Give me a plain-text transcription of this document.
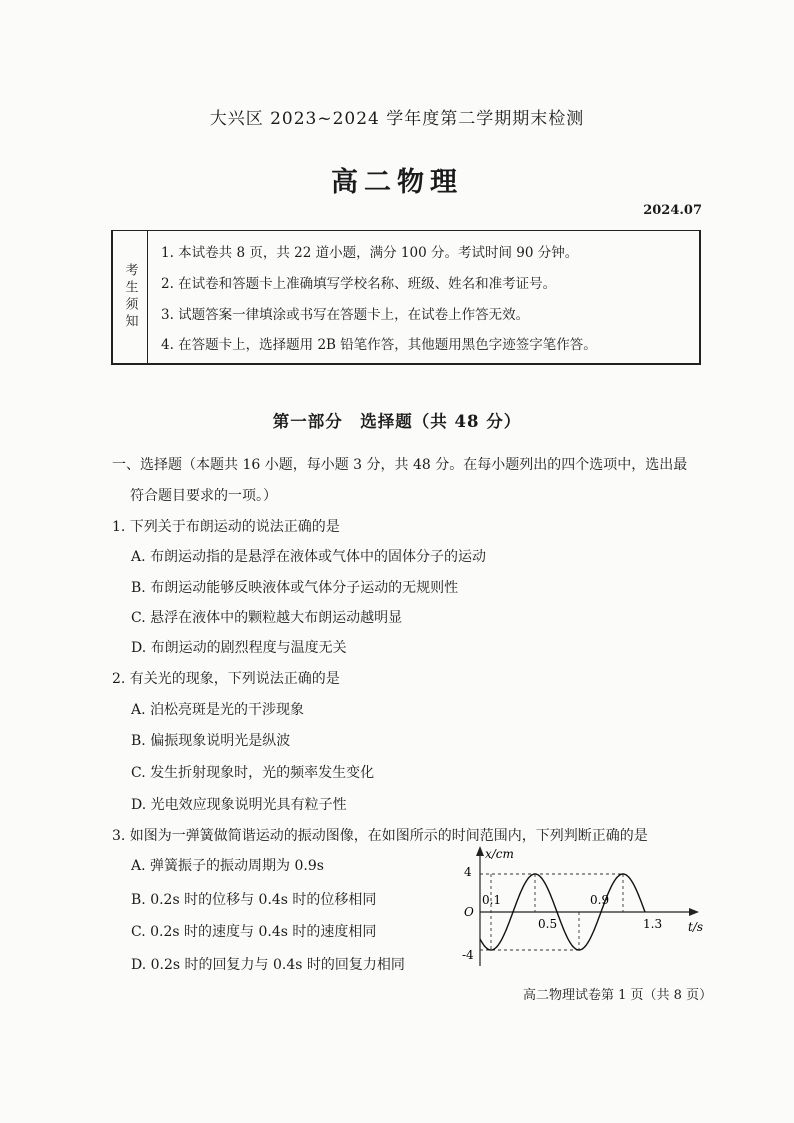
大兴区 2023~2024 学年度第二学期期末检测
高二物理
2024.07
考生须知
1. 本试卷共 8 页，共 22 道小题，满分 100 分。考试时间 90 分钟。
2. 在试卷和答题卡上准确填写学校名称、班级、姓名和准考证号。
3. 试题答案一律填涂或书写在答题卡上，在试卷上作答无效。
4. 在答题卡上，选择题用 2B 铅笔作答，其他题用黑色字迹签字笔作答。
第一部分　选择题（共 48 分）
一、选择题（本题共 16 小题，每小题 3 分，共 48 分。在每小题列出的四个选项中，选出最
符合题目要求的一项。）
1. 下列关于布朗运动的说法正确的是
A. 布朗运动指的是悬浮在液体或气体中的固体分子的运动
B. 布朗运动能够反映液体或气体分子运动的无规则性
C. 悬浮在液体中的颗粒越大布朗运动越明显
D. 布朗运动的剧烈程度与温度无关
2. 有关光的现象，下列说法正确的是
A. 泊松亮斑是光的干涉现象
B. 偏振现象说明光是纵波
C. 发生折射现象时，光的频率发生变化
D. 光电效应现象说明光具有粒子性
3. 如图为一弹簧做简谐运动的振动图像，在如图所示的时间范围内，下列判断正确的是
A. 弹簧振子的振动周期为 0.9s
B. 0.2s 时的位移与 0.4s 时的位移相同
C. 0.2s 时的速度与 0.4s 时的速度相同
D. 0.2s 时的回复力与 0.4s 时的回复力相同
x/cm
t/s
O
4
-4
0.1
0.5
0.9
1.3
高二物理试卷第 1 页（共 8 页）
